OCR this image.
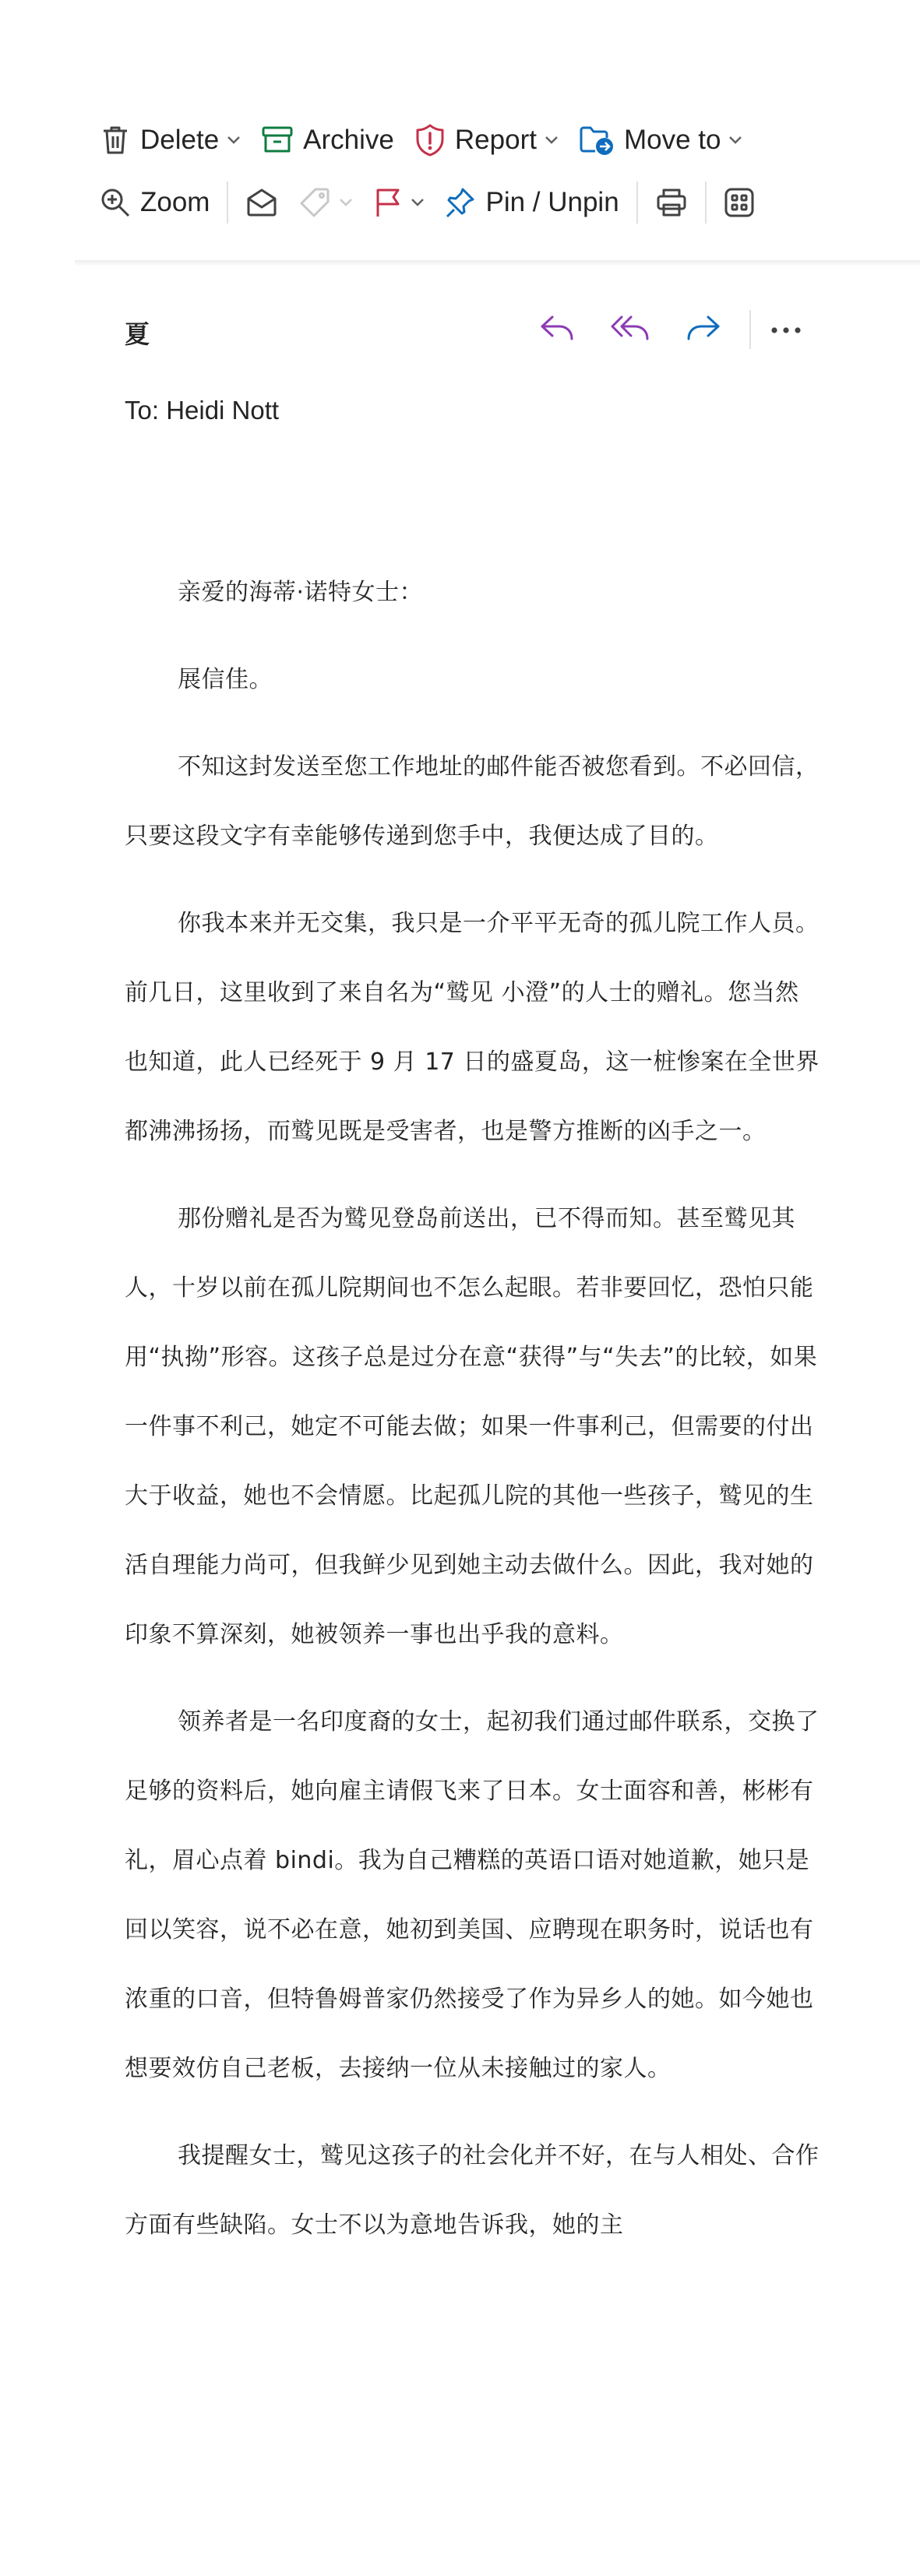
Delete	Archive Report	Move to
Zoom	Pin / Unpin
夏
To: Heidi Nott

亲爱的海蒂·诺特女士：

展信佳。

不知这封发送至您工作地址的邮件能否被您看到。不必回信，只要这段文字有幸能够传递到您手中，我便达成了目的。

你我本来并无交集，我只是一介平平无奇的孤儿院工作人员。前几日，这里收到了来自名为“鹫见 小澄”的人士的赠礼。您当然也知道，此人已经死于 9 月 17 日的盛夏岛，这一桩惨案在全世界都沸沸扬扬，而鹫见既是受害者，也是警方推断的凶手之一。

那份赠礼是否为鹫见登岛前送出，已不得而知。甚至鹫见其人，十岁以前在孤儿院期间也不怎么起眼。若非要回忆，恐怕只能用“执拗”形容。这孩子总是过分在意“获得”与“失去”的比较，如果一件事不利己，她定不可能去做；如果一件事利己，但需要的付出大于收益，她也不会情愿。比起孤儿院的其他一些孩子，鹫见的生活自理能力尚可，但我鲜少见到她主动去做什么。因此，我对她的印象不算深刻，她被领养一事也出乎我的意料。

领养者是一名印度裔的女士，起初我们通过邮件联系，交换了足够的资料后，她向雇主请假飞来了日本。女士面容和善，彬彬有礼，眉心点着 bindi。我为自己糟糕的英语口语对她道歉，她只是回以笑容，说不必在意，她初到美国、应聘现在职务时，说话也有浓重的口音，但特鲁姆普家仍然接受了作为异乡人的她。如今她也想要效仿自己老板，去接纳一位从未接触过的家人。

我提醒女士，鹫见这孩子的社会化并不好，在与人相处、合作方面有些缺陷。女士不以为意地告诉我，她的主
